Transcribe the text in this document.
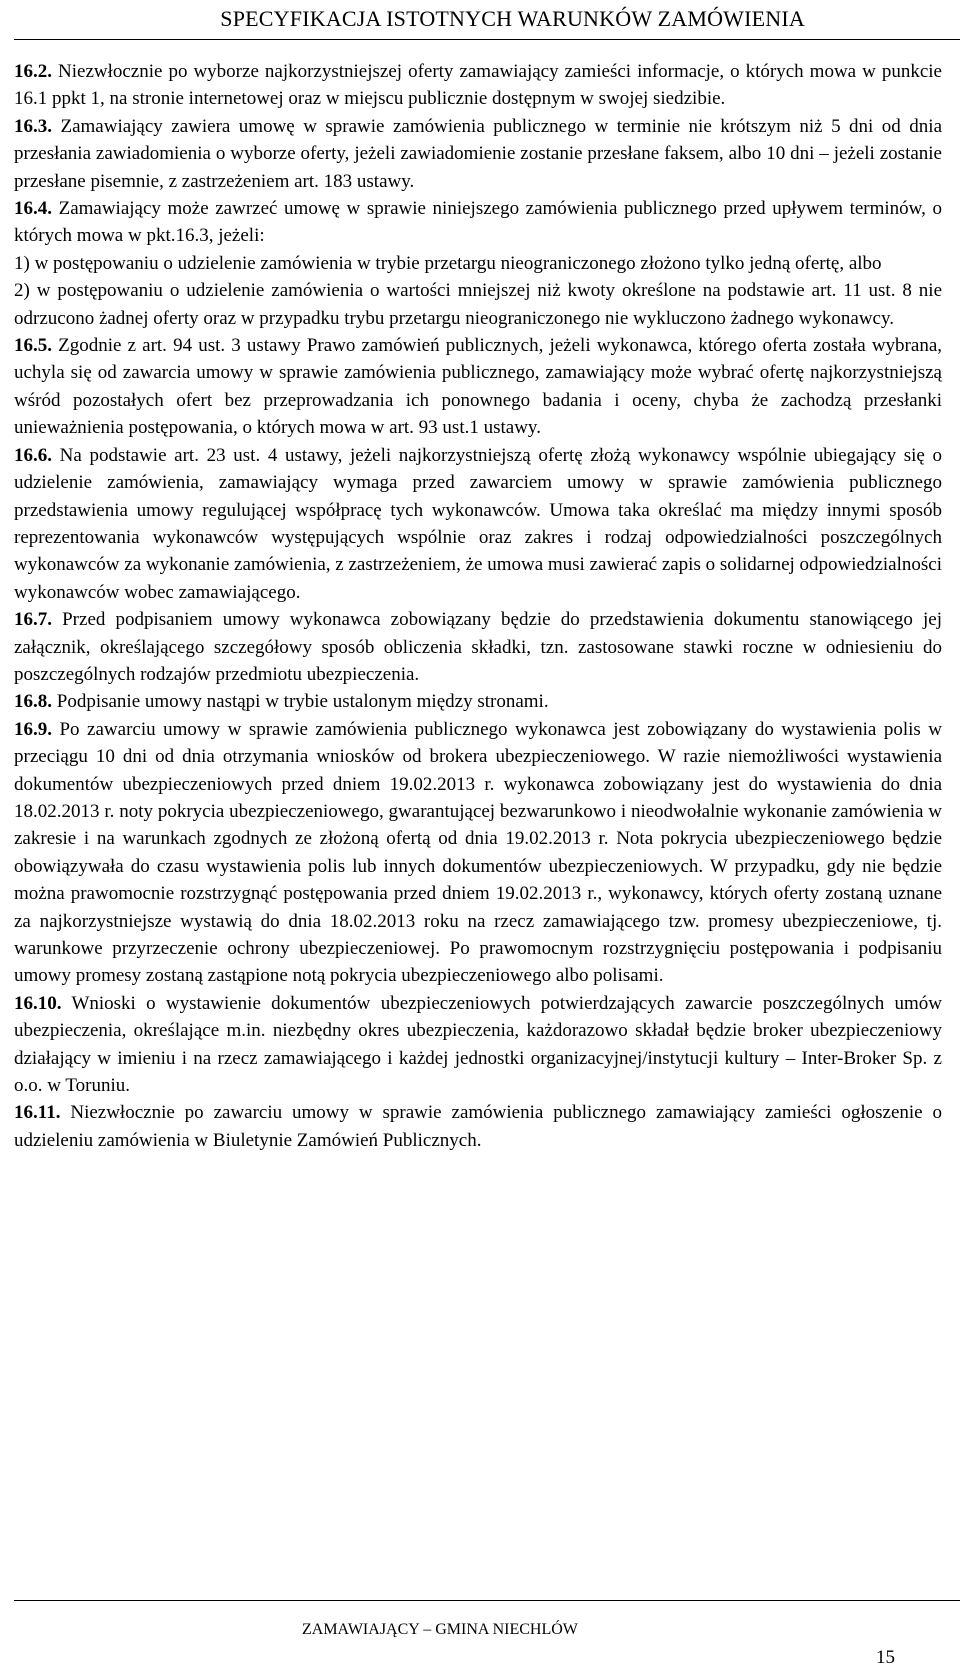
SPECYFIKACJA ISTOTNYCH WARUNKÓW ZAMÓWIENIA

16.2. Niezwłocznie po wyborze najkorzystniejszej oferty zamawiający zamieści informacje, o których mowa w punkcie 16.1 ppkt 1, na stronie internetowej oraz w miejscu publicznie dostępnym w swojej siedzibie.

16.3. Zamawiający zawiera umowę w sprawie zamówienia publicznego w terminie nie krótszym niż 5 dni od dnia przesłania zawiadomienia o wyborze oferty, jeżeli zawiadomienie zostanie przesłane faksem, albo 10 dni – jeżeli zostanie przesłane pisemnie, z zastrzeżeniem art. 183 ustawy.

16.4. Zamawiający może zawrzeć umowę w sprawie niniejszego zamówienia publicznego przed upływem terminów, o których mowa w pkt.16.3, jeżeli:

1) w postępowaniu o udzielenie zamówienia w trybie przetargu nieograniczonego złożono tylko jedną ofertę, albo

2) w postępowaniu o udzielenie zamówienia o wartości mniejszej niż kwoty określone na podstawie art. 11 ust. 8 nie odrzucono żadnej oferty oraz w przypadku trybu przetargu nieograniczonego nie wykluczono żadnego wykonawcy.

16.5. Zgodnie z art. 94 ust. 3 ustawy Prawo zamówień publicznych, jeżeli wykonawca, którego oferta została wybrana, uchyla się od zawarcia umowy w sprawie zamówienia publicznego, zamawiający może wybrać ofertę najkorzystniejszą wśród pozostałych ofert bez przeprowadzania ich ponownego badania i oceny, chyba że zachodzą przesłanki unieważnienia postępowania, o których mowa w art. 93 ust.1 ustawy.

16.6. Na podstawie art. 23 ust. 4 ustawy, jeżeli najkorzystniejszą ofertę złożą wykonawcy wspólnie ubiegający się o udzielenie zamówienia, zamawiający wymaga przed zawarciem umowy w sprawie zamówienia publicznego przedstawienia umowy regulującej współpracę tych wykonawców. Umowa taka określać ma między innymi sposób reprezentowania wykonawców występujących wspólnie oraz zakres i rodzaj odpowiedzialności poszczególnych wykonawców za wykonanie zamówienia, z zastrzeżeniem, że umowa musi zawierać zapis o solidarnej odpowiedzialności wykonawców wobec zamawiającego.

16.7. Przed podpisaniem umowy wykonawca zobowiązany będzie do przedstawienia dokumentu stanowiącego jej załącznik, określającego szczegółowy sposób obliczenia składki, tzn. zastosowane stawki roczne w odniesieniu do poszczególnych rodzajów przedmiotu ubezpieczenia.

16.8. Podpisanie umowy nastąpi w trybie ustalonym między stronami.

16.9. Po zawarciu umowy w sprawie zamówienia publicznego wykonawca jest zobowiązany do wystawienia polis w przeciągu 10 dni od dnia otrzymania wniosków od brokera ubezpieczeniowego. W razie niemożliwości wystawienia dokumentów ubezpieczeniowych przed dniem 19.02.2013 r. wykonawca zobowiązany jest do wystawienia do dnia 18.02.2013 r. noty pokrycia ubezpieczeniowego, gwarantującej bezwarunkowo i nieodwołalnie wykonanie zamówienia w zakresie i na warunkach zgodnych ze złożoną ofertą od dnia 19.02.2013 r. Nota pokrycia ubezpieczeniowego będzie obowiązywała do czasu wystawienia polis lub innych dokumentów ubezpieczeniowych. W przypadku, gdy nie będzie można prawomocnie rozstrzygnąć postępowania przed dniem 19.02.2013 r., wykonawcy, których oferty zostaną uznane za najkorzystniejsze wystawią do dnia 18.02.2013 roku na rzecz zamawiającego tzw. promesy ubezpieczeniowe, tj. warunkowe przyrzeczenie ochrony ubezpieczeniowej. Po prawomocnym rozstrzygnięciu postępowania i podpisaniu umowy promesy zostaną zastąpione notą pokrycia ubezpieczeniowego albo polisami.

16.10. Wnioski o wystawienie dokumentów ubezpieczeniowych potwierdzających zawarcie poszczególnych umów ubezpieczenia, określające m.in. niezbędny okres ubezpieczenia, każdorazowo składał będzie broker ubezpieczeniowy działający w imieniu i na rzecz zamawiającego i każdej jednostki organizacyjnej/instytucji kultury – Inter-Broker Sp. z o.o. w Toruniu.

16.11. Niezwłocznie po zawarciu umowy w sprawie zamówienia publicznego zamawiający zamieści ogłoszenie o udzieleniu zamówienia w Biuletynie Zamówień Publicznych.

ZAMAWIAJĄCY – GMINA NIECHLÓW
15
